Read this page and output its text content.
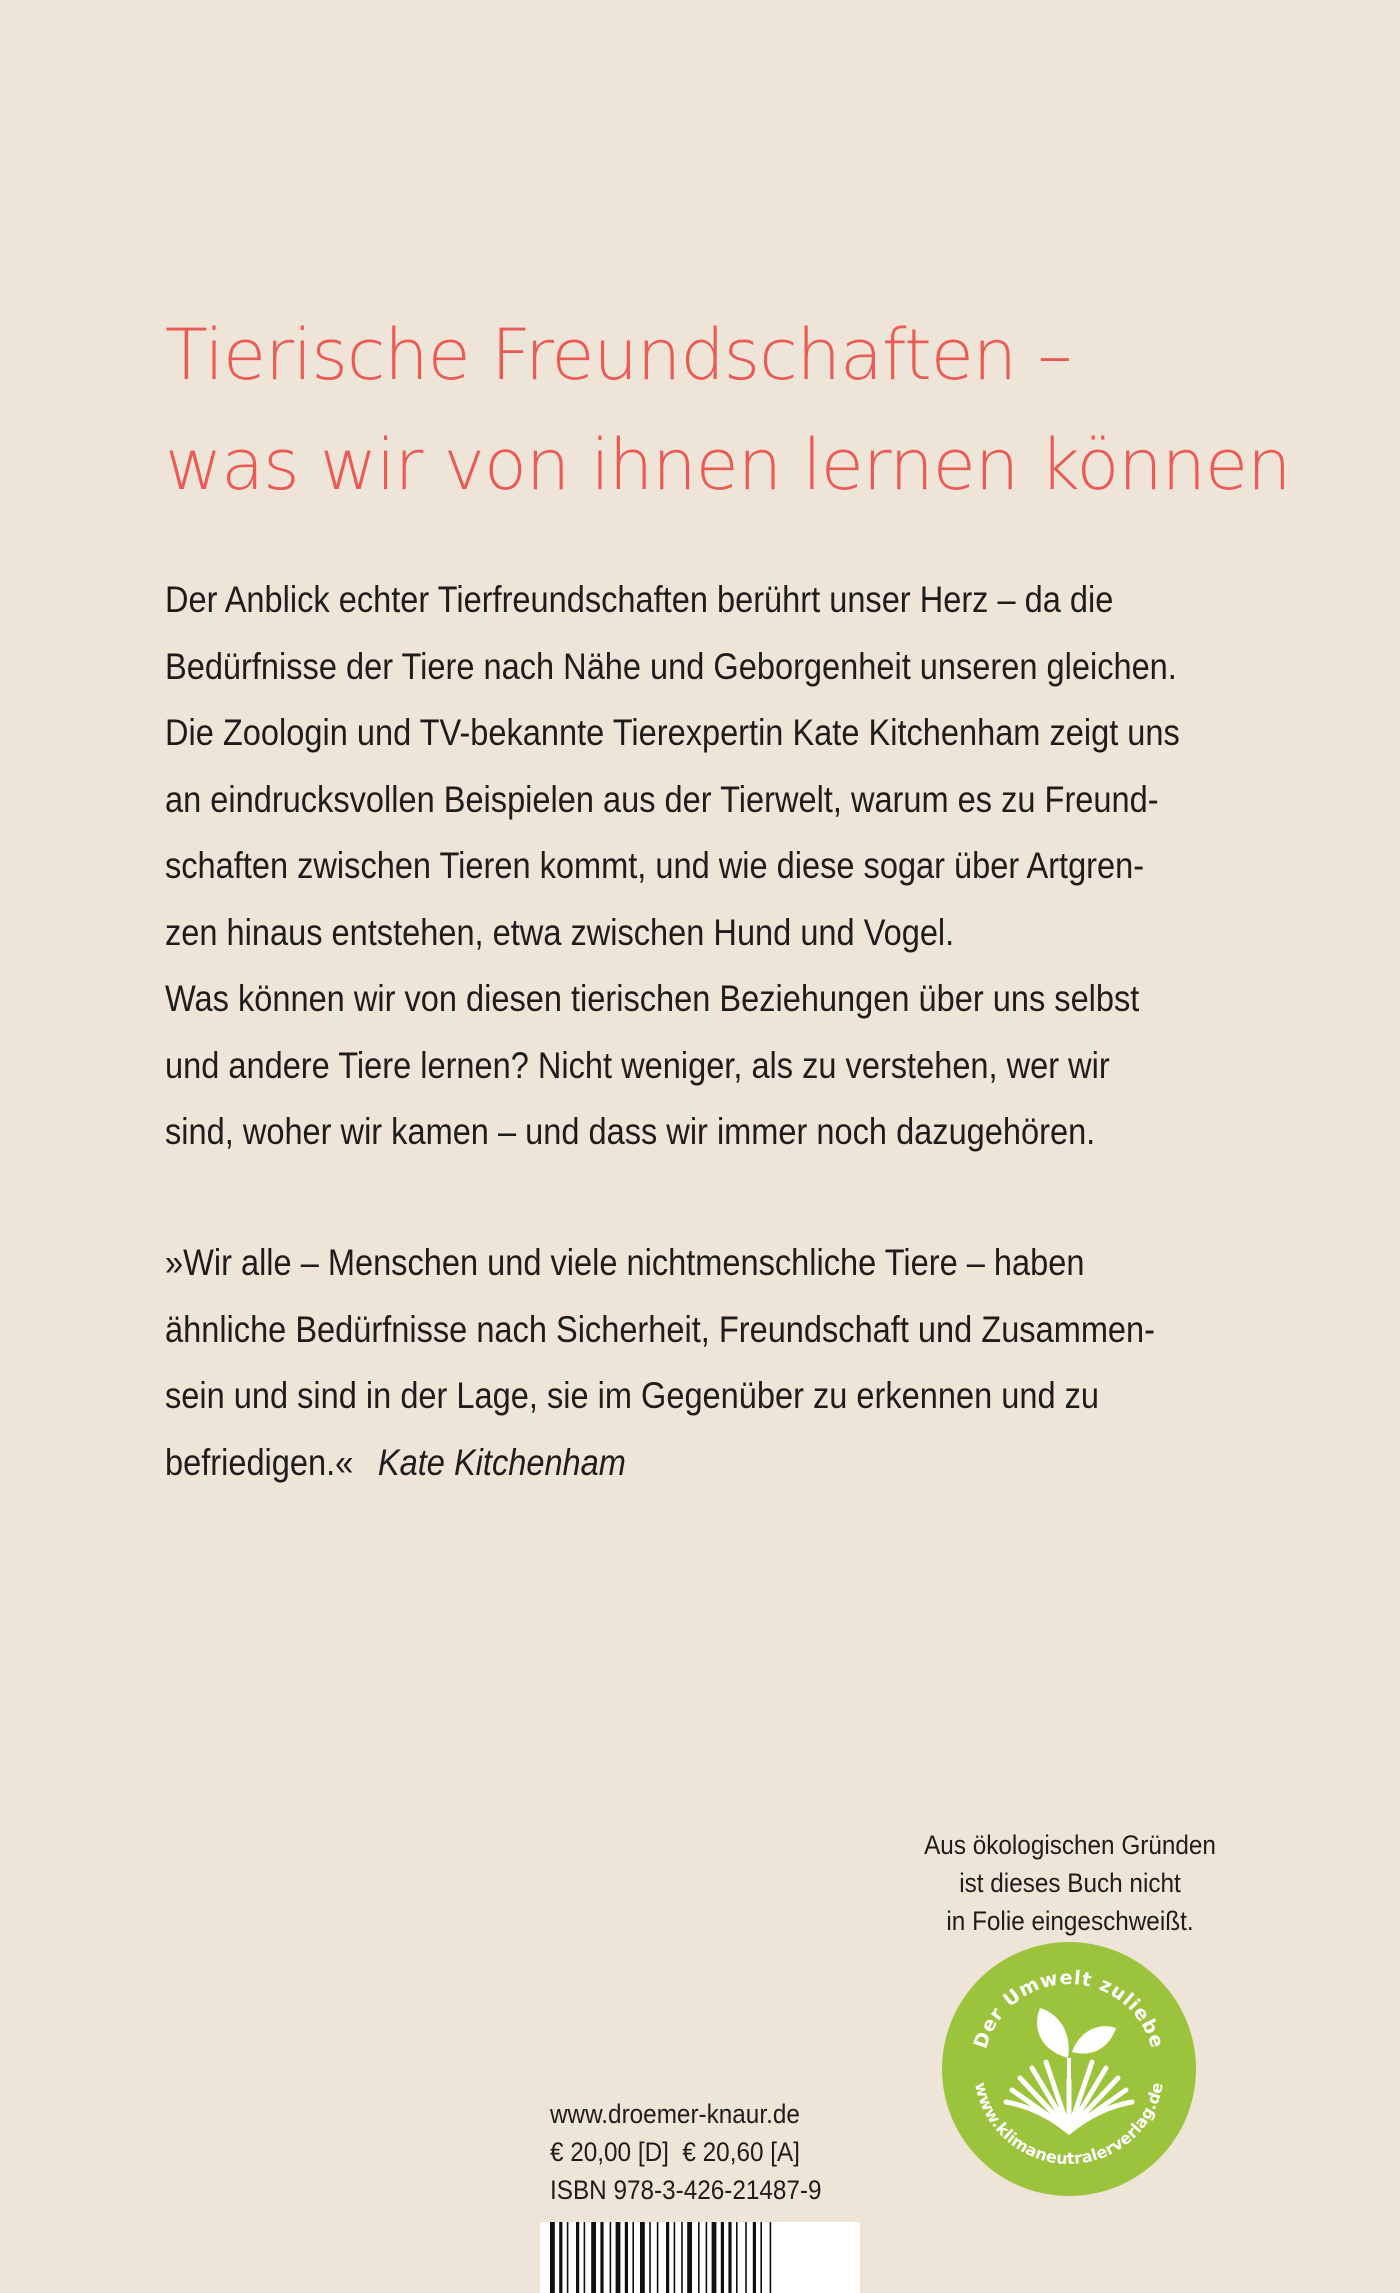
Tierische Freundschaften –
was wir von ihnen lernen können
Der Anblick echter Tierfreundschaften berührt unser Herz – da die
Bedürfnisse der Tiere nach Nähe und Geborgenheit unseren gleichen.
Die Zoologin und TV-bekannte Tierexpertin Kate Kitchenham zeigt uns
an eindrucksvollen Beispielen aus der Tierwelt, warum es zu Freund-
schaften zwischen Tieren kommt, und wie diese sogar über Artgren-
zen hinaus entstehen, etwa zwischen Hund und Vogel.
Was können wir von diesen tierischen Beziehungen über uns selbst
und andere Tiere lernen? Nicht weniger, als zu verstehen, wer wir
sind, woher wir kamen – und dass wir immer noch dazugehören.
»Wir alle – Menschen und viele nichtmenschliche Tiere – haben
ähnliche Bedürfnisse nach Sicherheit, Freundschaft und Zusammen-
sein und sind in der Lage, sie im Gegenüber zu erkennen und zu
befriedigen.« Kate Kitchenham
Aus ökologischen Gründen
ist dieses Buch nicht
in Folie eingeschweißt.
Der Umwelt zuliebe
www.klimaneutralerverlag.de
www.droemer-knaur.de
€ 20,00 [D] € 20,60 [A]
ISBN 978-3-426-21487-9
